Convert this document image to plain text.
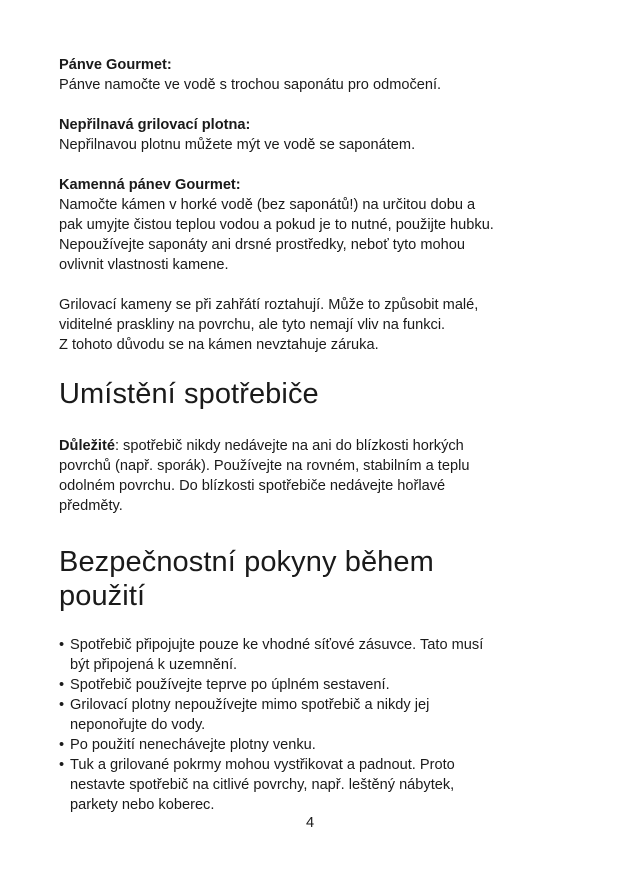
Pánve Gourmet:

Pánve namočte ve vodě s trochou saponátu pro odmočení.

Nepřilnavá grilovací plotna:

Nepřilnavou plotnu můžete mýt ve vodě se saponátem.

Kamenná pánev Gourmet:

Namočte kámen v horké vodě (bez saponátů!) na určitou dobu a
pak umyjte čistou teplou vodou a pokud je to nutné, použijte hubku.
Nepoužívejte saponáty ani drsné prostředky, neboť tyto mohou
ovlivnit vlastnosti kamene.

Grilovací kameny se při zahřátí roztahují. Může to způsobit malé,
viditelné praskliny na povrchu, ale tyto nemají vliv na funkci.
Z tohoto důvodu se na kámen nevztahuje záruka.

Umístění spotřebiče

Důležité: spotřebič nikdy nedávejte na ani do blízkosti horkých
povrchů (např. sporák). Používejte na rovném, stabilním a teplu
odolném povrchu. Do blízkosti spotřebiče nedávejte hořlavé
předměty.

Bezpečnostní pokyny během
použití
• Spotřebič připojujte pouze ke vhodné síťové zásuvce. Tato musí
být připojená k uzemnění.
• Spotřebič používejte teprve po úplném sestavení.
• Grilovací plotny nepoužívejte mimo spotřebič a nikdy jej
neponořujte do vody.
• Po použití nenechávejte plotny venku.
• Tuk a grilované pokrmy mohou vystřikovat a padnout. Proto
nestavte spotřebič na citlivé povrchy, např. leštěný nábytek,
parkety nebo koberec.
4
